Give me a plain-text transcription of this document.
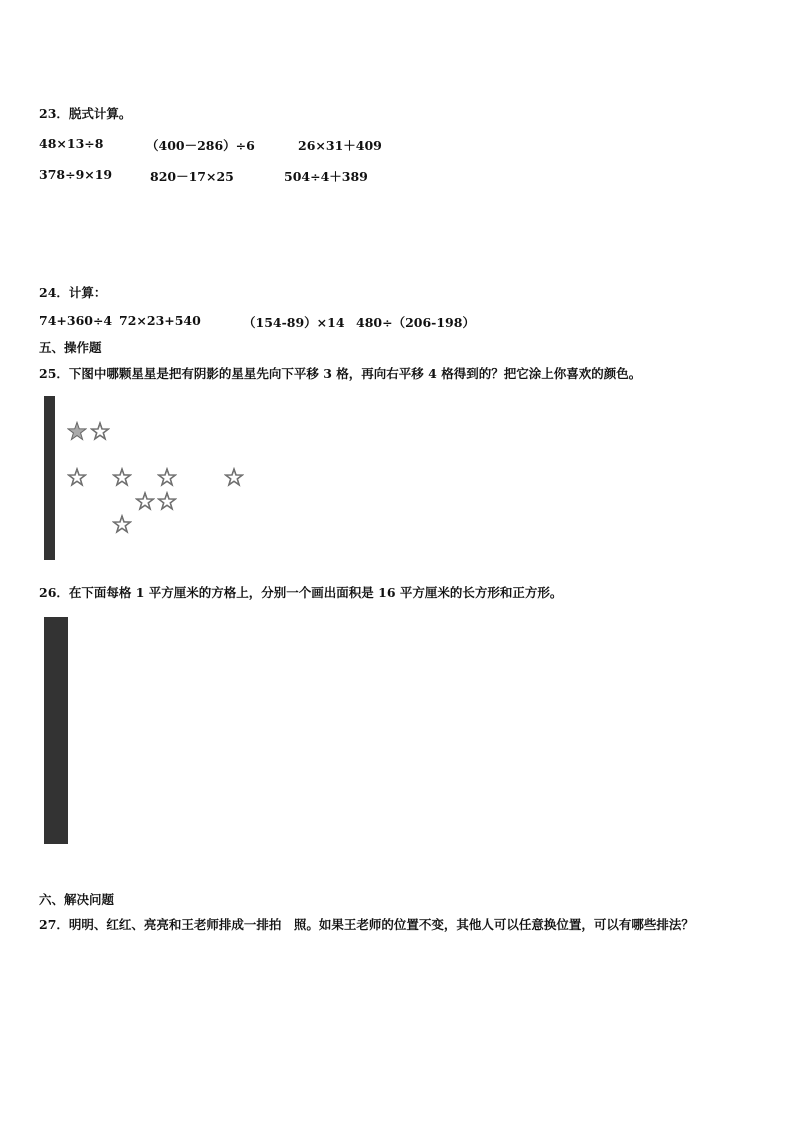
23．脱式计算。
48×13÷8	（400－286）÷6	26×31＋409
378÷9×19	820－17×25	504÷4＋389
24．计算：
74+360÷4 72×23+540	（154-89）×14 480÷（206-198）
五、操作题
25．下图中哪颗星星是把有阴影的星星先向下平移 3 格，再向右平移 4 格得到的？把它涂上你喜欢的颜色。

26．在下面每格 1 平方厘米的方格上，分别一个画出面积是 16 平方厘米的长方形和正方形。

六、解决问题
27．明明、红红、亮亮和王老师排成一排拍　照。如果王老师的位置不变，其他人可以任意换位置，可以有哪些排法？
